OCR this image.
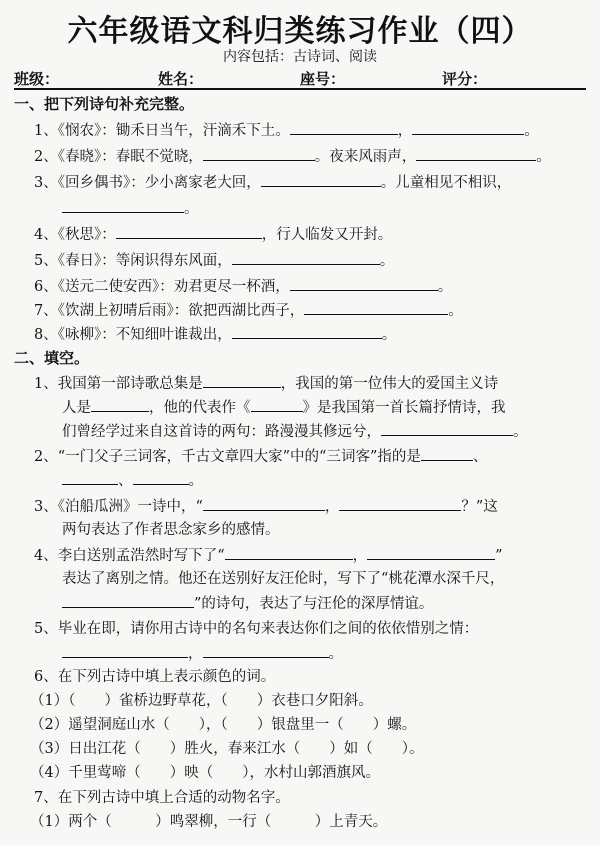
六年级语文科归类练习作业（四）
内容包括：古诗词、阅读
班级：	姓名：	座号：	评分：
一、把下列诗句补充完整。
1、《悯农》：锄禾日当午，汗滴禾下土。	，	。
2、《春晓》：春眠不觉晓，	。夜来风雨声，	。
3、《回乡偶书》：少小离家老大回，	。儿童相见不相识，
。
4、《秋思》：	，行人临发又开封。
5、《春日》：等闲识得东风面，	。
6、《送元二使安西》：劝君更尽一杯酒，	。
7、《饮湖上初晴后雨》：欲把西湖比西子，	。
8、《咏柳》：不知细叶谁裁出，	。
二、填空。
1、我国第一部诗歌总集是	，我国的第一位伟大的爱国主义诗
人是	，他的代表作《	》是我国第一首长篇抒情诗，我
们曾经学过来自这首诗的两句：路漫漫其修远兮，	。
2、“一门父子三词客，千古文章四大家”中的“三词客”指的是	、
、	。
3、《泊船瓜洲》一诗中，“	，	？”这
两句表达了作者思念家乡的感情。
4、李白送别孟浩然时写下了“	，	”
表达了离别之情。他还在送别好友汪伦时，写下了“桃花潭水深千尺，
”的诗句，表达了与汪伦的深厚情谊。
5、毕业在即，请你用古诗中的名句来表达你们之间的依依惜别之情：
，	。
6、在下列古诗中填上表示颜色的词。
（1）（　　）雀桥边野草花，（　　）衣巷口夕阳斜。
（2）遥望洞庭山水（　　），（　　）银盘里一（　　）螺。
（3）日出江花（　　）胜火，春来江水（　　）如（　　）。
（4）千里莺啼（　　）映（　　），水村山郭酒旗风。
7、在下列古诗中填上合适的动物名字。
（1）两个（　　　）鸣翠柳，一行（　　　）上青天。
